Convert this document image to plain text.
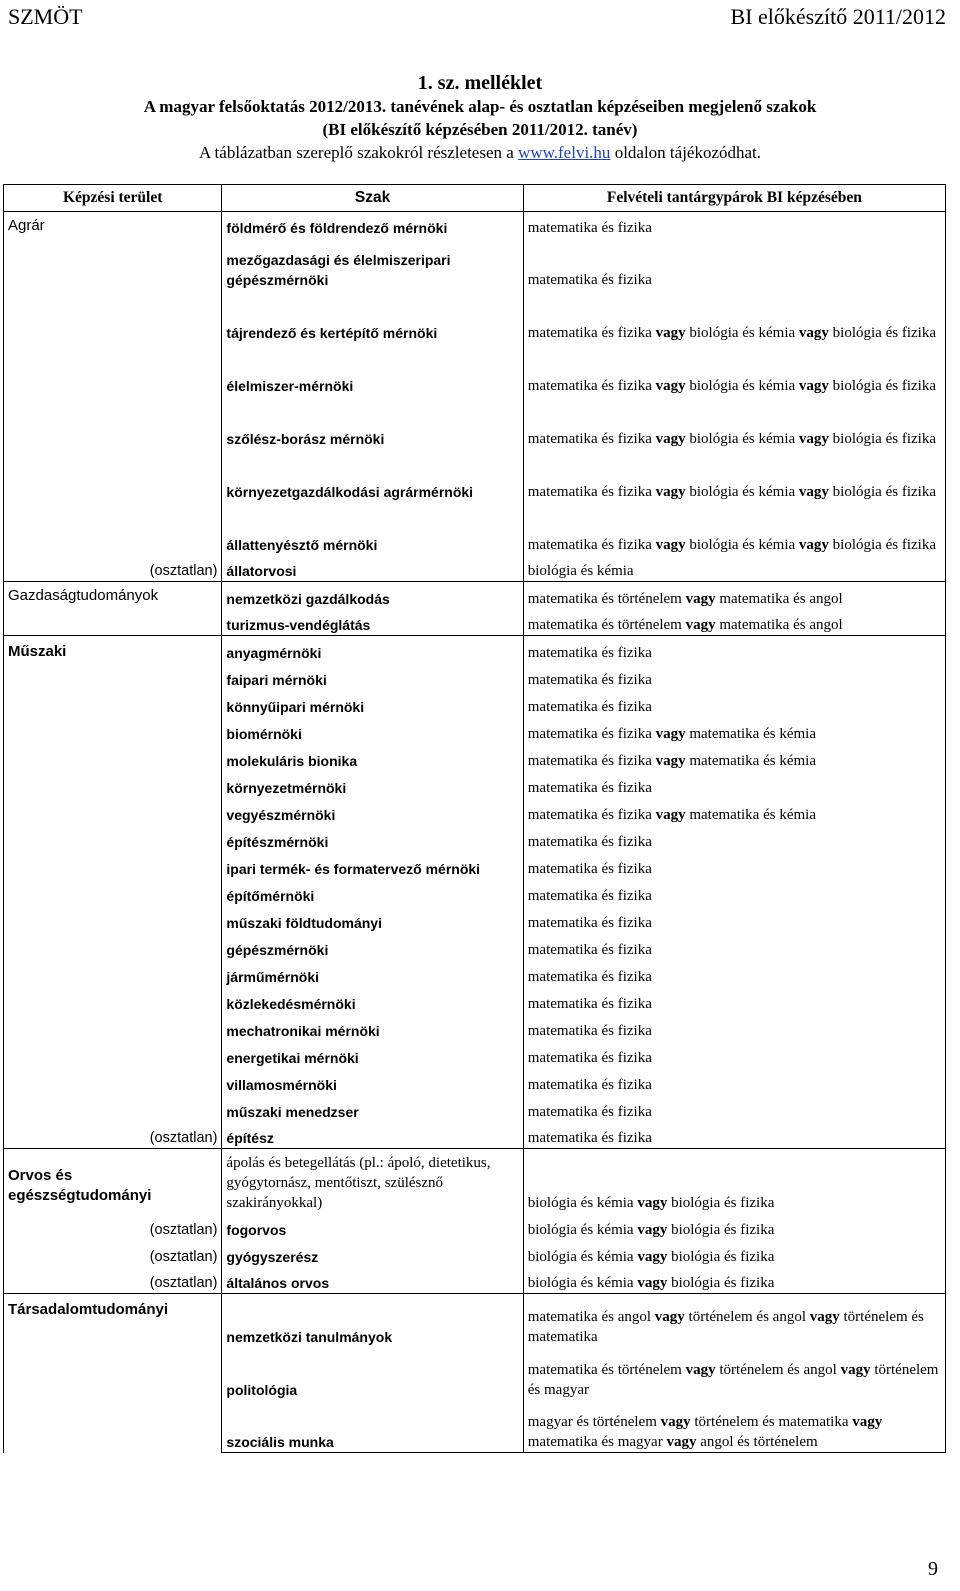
SZMÖT	BI előkészítő 2011/2012
1. sz. melléklet
A magyar felsőoktatás 2012/2013. tanévének alap- és osztatlan képzéseiben megjelenő szakok
(BI előkészítő képzésében 2011/2012. tanév)
A táblázatban szereplő szakokról részletesen a www.felvi.hu oldalon tájékozódhat.
Képzési terület	Szak	Felvételi tantárgypárok BI képzésében
Agrár	földmérő és földrendező mérnöki	matematika és fizika
	mezőgazdasági és élelmiszeripari gépészmérnöki	matematika és fizika
	tájrendező és kertépítő mérnöki	matematika és fizika vagy biológia és kémia vagy biológia és fizika
	élelmiszer-mérnöki	matematika és fizika vagy biológia és kémia vagy biológia és fizika
	szőlész-borász mérnöki	matematika és fizika vagy biológia és kémia vagy biológia és fizika
	környezetgazdálkodási agrármérnöki	matematika és fizika vagy biológia és kémia vagy biológia és fizika
	állattenyésztő mérnöki	matematika és fizika vagy biológia és kémia vagy biológia és fizika
(osztatlan)	állatorvosi	biológia és kémia
Gazdaságtudományok	nemzetközi gazdálkodás	matematika és történelem vagy matematika és angol
	turizmus-vendéglátás	matematika és történelem vagy matematika és angol
Műszaki	anyagmérnöki	matematika és fizika
	faipari mérnöki	matematika és fizika
	könnyűipari mérnöki	matematika és fizika
	biomérnöki	matematika és fizika vagy matematika és kémia
	molekuláris bionika	matematika és fizika vagy matematika és kémia
	környezetmérnöki	matematika és fizika
	vegyészmérnöki	matematika és fizika vagy matematika és kémia
	építészmérnöki	matematika és fizika
	ipari termék- és formatervező mérnöki	matematika és fizika
	építőmérnöki	matematika és fizika
	műszaki földtudományi	matematika és fizika
	gépészmérnöki	matematika és fizika
	járműmérnöki	matematika és fizika
	közlekedésmérnöki	matematika és fizika
	mechatronikai mérnöki	matematika és fizika
	energetikai mérnöki	matematika és fizika
	villamosmérnöki	matematika és fizika
	műszaki menedzser	matematika és fizika
(osztatlan)	építész	matematika és fizika
Orvos és egészségtudományi	ápolás és betegellátás (pl.: ápoló, dietetikus, gyógytornász, mentőtiszt, szülésznő szakirányokkal)	biológia és kémia vagy biológia és fizika
(osztatlan)	fogorvos	biológia és kémia vagy biológia és fizika
(osztatlan)	gyógyszerész	biológia és kémia vagy biológia és fizika
(osztatlan)	általános orvos	biológia és kémia vagy biológia és fizika
Társadalomtudományi	nemzetközi tanulmányok	matematika és angol vagy történelem és angol vagy történelem és matematika
	politológia	matematika és történelem vagy történelem és angol vagy történelem és magyar
	szociális munka	magyar és történelem vagy történelem és matematika vagy matematika és magyar vagy angol és történelem
9
